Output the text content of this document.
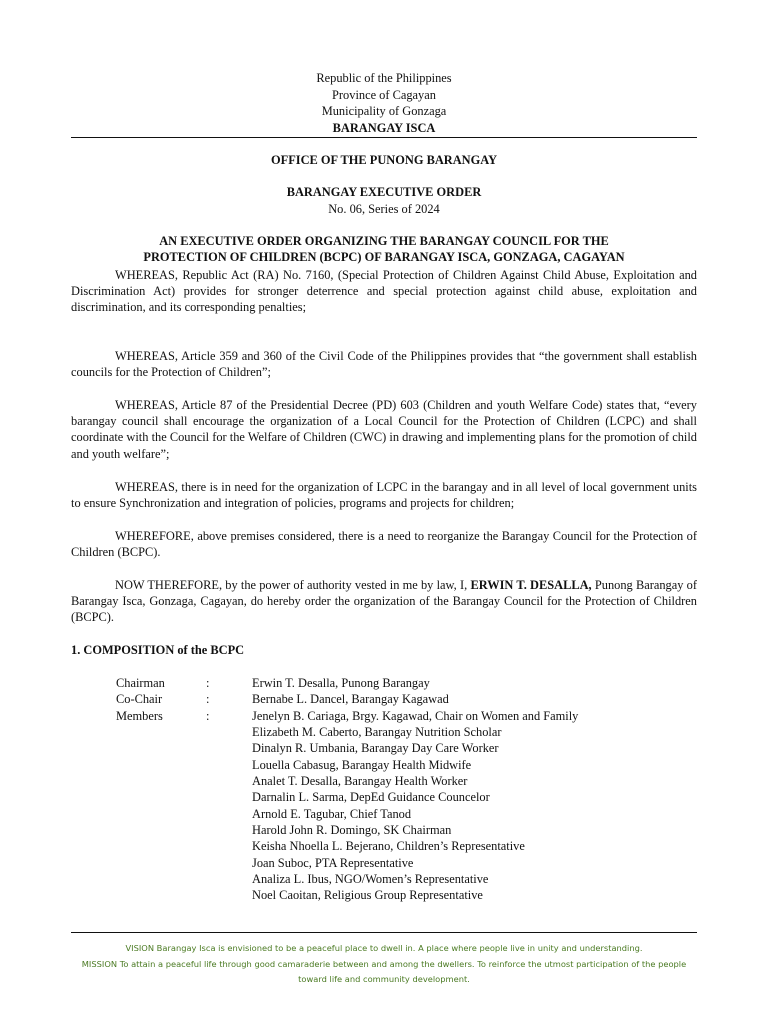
Republic of the Philippines
Province of Cagayan
Municipality of Gonzaga
BARANGAY ISCA
OFFICE OF THE PUNONG BARANGAY
BARANGAY EXECUTIVE ORDER
No. 06, Series of 2024
AN EXECUTIVE ORDER ORGANIZING THE BARANGAY COUNCIL FOR THE
PROTECTION OF CHILDREN (BCPC) OF BARANGAY ISCA, GONZAGA, CAGAYAN
WHEREAS, Republic Act (RA) No. 7160, (Special Protection of Children Against Child Abuse, Exploitation and Discrimination Act) provides for stronger deterrence and special protection against child abuse, exploitation and discrimination, and its corresponding penalties;
WHEREAS, Article 359 and 360 of the Civil Code of the Philippines provides that “the government shall establish councils for the Protection of Children”;
WHEREAS, Article 87 of the Presidential Decree (PD) 603 (Children and youth Welfare Code) states that, “every barangay council shall encourage the organization of a Local Council for the Protection of Children (LCPC) and shall coordinate with the Council for the Welfare of Children (CWC) in drawing and implementing plans for the promotion of child and youth welfare”;
WHEREAS, there is in need for the organization of LCPC in the barangay and in all level of local government units to ensure Synchronization and integration of policies, programs and projects for children;
WHEREFORE, above premises considered, there is a need to reorganize the Barangay Council for the Protection of Children (BCPC).
NOW THEREFORE, by the power of authority vested in me by law, I, ERWIN T. DESALLA, Punong Barangay of Barangay Isca, Gonzaga, Cagayan, do hereby order the organization of the Barangay Council for the Protection of Children (BCPC).
1. COMPOSITION of the BCPC
Chairman	:	Erwin T. Desalla, Punong Barangay
Co-Chair	:	Bernabe L. Dancel, Barangay Kagawad
Members	:	Jenelyn B. Cariaga, Brgy. Kagawad, Chair on Women and Family
Elizabeth M. Caberto, Barangay Nutrition Scholar
Dinalyn R. Umbania, Barangay Day Care Worker
Louella Cabasug, Barangay Health Midwife
Analet T. Desalla, Barangay Health Worker
Darnalin L. Sarma, DepEd Guidance Councelor
Arnold E. Tagubar, Chief Tanod
Harold John R. Domingo, SK Chairman
Keisha Nhoella L. Bejerano, Children’s Representative
Joan Suboc, PTA Representative
Analiza L. Ibus, NGO/Women’s Representative
Noel Caoitan, Religious Group Representative
VISION Barangay Isca is envisioned to be a peaceful place to dwell in. A place where people live in unity and understanding.
MISSION To attain a peaceful life through good camaraderie between and among the dwellers. To reinforce the utmost participation of the people
toward life and community development.
